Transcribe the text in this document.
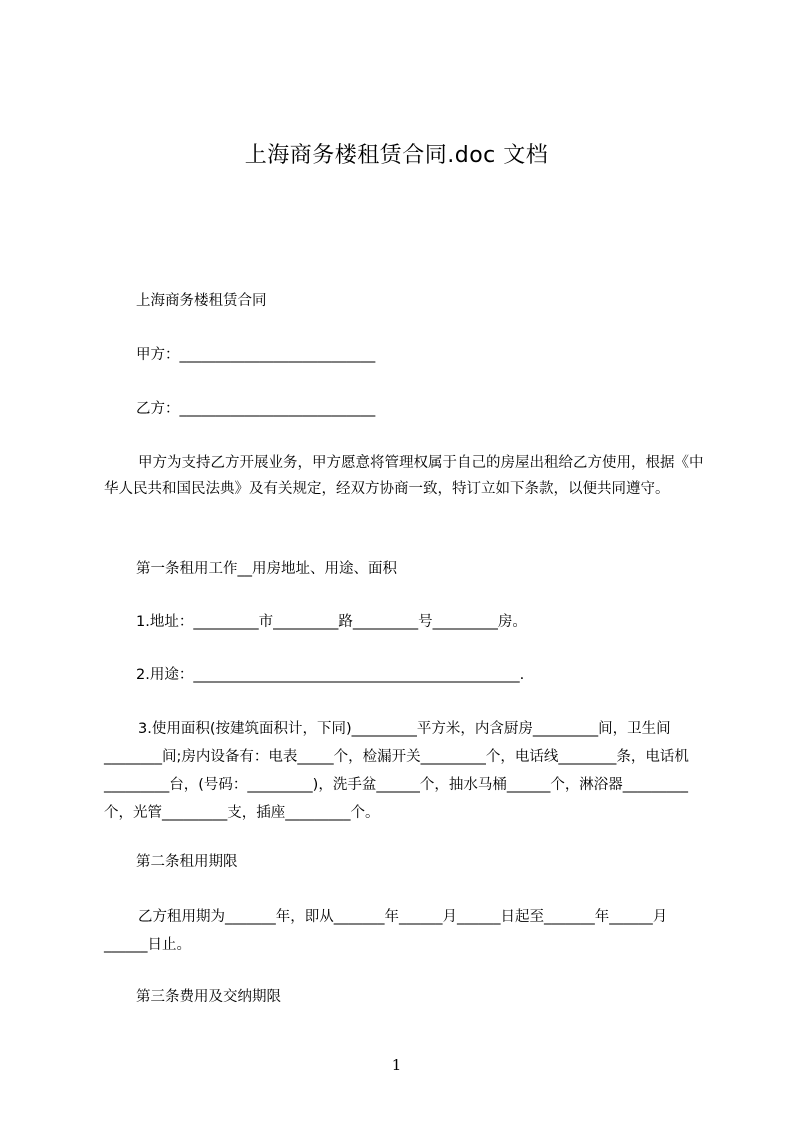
上海商务楼租赁合同.doc 文档

上海商务楼租赁合同

甲方：___________________________

乙方：___________________________

甲方为支持乙方开展业务，甲方愿意将管理权属于自己的房屋出租给乙方使用，根据《中华人民共和国民法典》及有关规定，经双方协商一致，特订立如下条款，以便共同遵守。

第一条租用工作__用房地址、用途、面积

1.地址：_________市_________路_________号_________房。

2.用途：_____________________________________________.

3.使用面积(按建筑面积计，下同)_________平方米，内含厨房_________间，卫生间________间;房内设备有：电表_____个，检漏开关_________个，电话线________条，电话机_________台，(号码：_________)，洗手盆______个，抽水马桶______个，淋浴器_________个，光管_________支，插座_________个。

第二条租用期限

乙方租用期为_______年，即从_______年______月______日起至_______年______月______日止。

第三条费用及交纳期限

1
